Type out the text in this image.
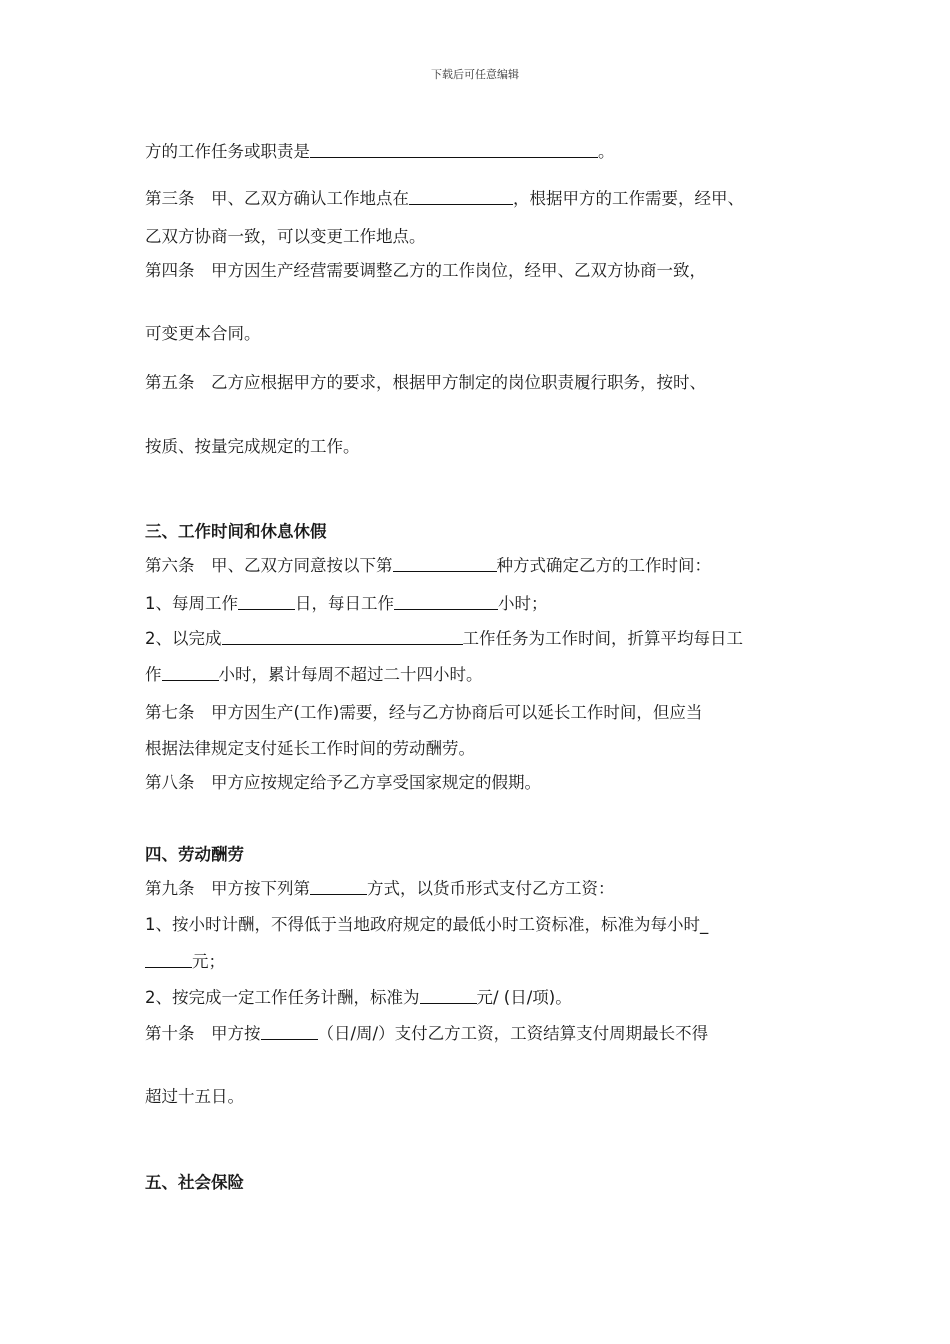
下载后可任意编辑
方的工作任务或职责是	。
第三条　甲、乙双方确认工作地点在	，根据甲方的工作需要，经甲、
乙双方协商一致，可以变更工作地点。
第四条　甲方因生产经营需要调整乙方的工作岗位，经甲、乙双方协商一致，
可变更本合同。
第五条　乙方应根据甲方的要求，根据甲方制定的岗位职责履行职务，按时、
按质、按量完成规定的工作。
三、工作时间和休息休假
第六条　甲、乙双方同意按以下第	种方式确定乙方的工作时间：
1、每周工作	日，每日工作	小时；
2、以完成	工作任务为工作时间，折算平均每日工
作	小时，累计每周不超过二十四小时。
第七条　甲方因生产(工作)需要，经与乙方协商后可以延长工作时间，但应当
根据法律规定支付延长工作时间的劳动酬劳。
第八条　甲方应按规定给予乙方享受国家规定的假期。
四、劳动酬劳
第九条　甲方按下列第	方式，以货币形式支付乙方工资：
1、按小时计酬，不得低于当地政府规定的最低小时工资标准，标准为每小时_
元；
2、按完成一定工作任务计酬，标准为	元/ (日/项)。
第十条　甲方按	（日/周/）支付乙方工资，工资结算支付周期最长不得
超过十五日。
五、社会保险
